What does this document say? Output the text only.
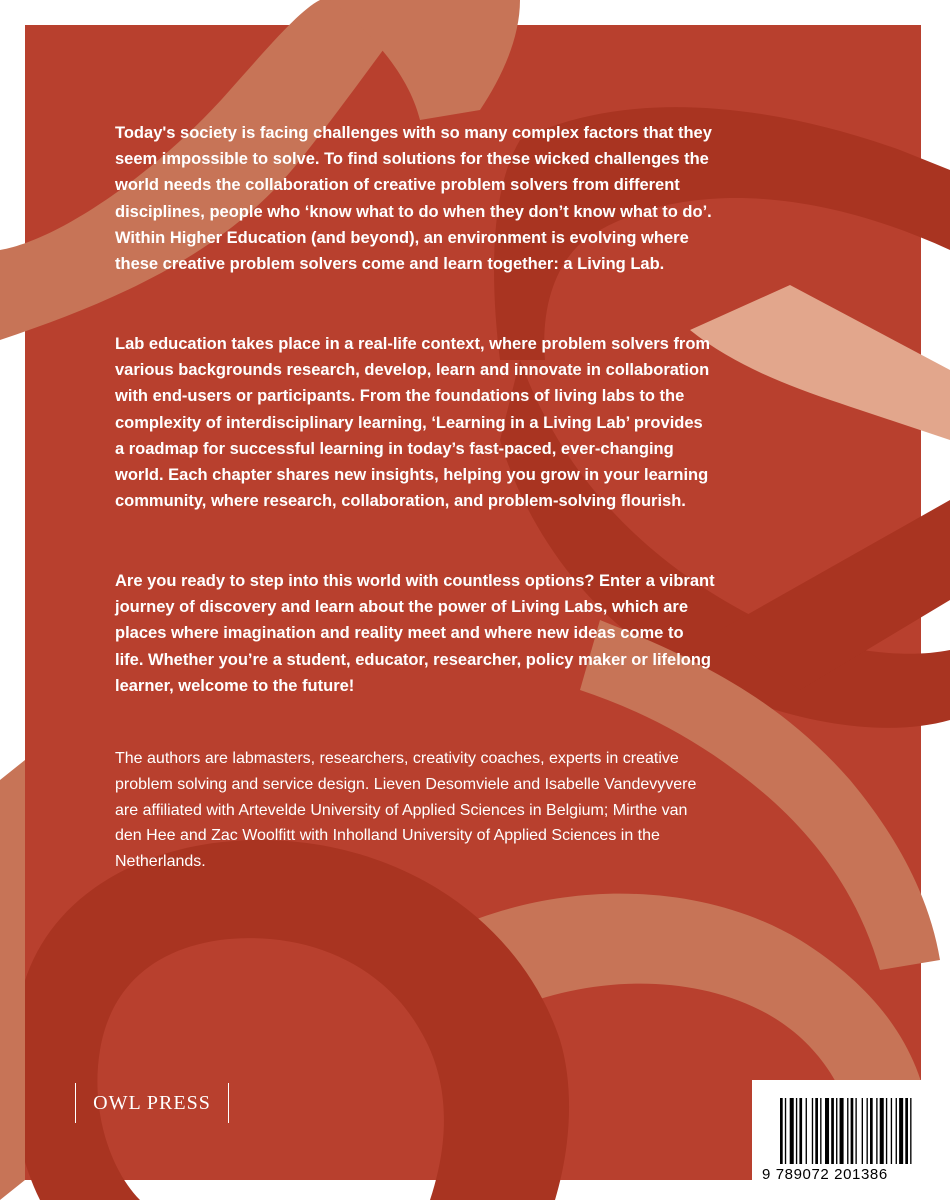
Today's society is facing challenges with so many complex factors that they seem impossible to solve. To find solutions for these wicked challenges the world needs the collaboration of creative problem solvers from different disciplines, people who ‘know what to do when they don’t know what to do’. Within Higher Education (and beyond), an environment is evolving where these creative problem solvers come and learn together: a Living Lab.

Lab education takes place in a real-life context, where problem solvers from various backgrounds research, develop, learn and innovate in collaboration with end-users or participants. From the foundations of living labs to the complexity of interdisciplinary learning, ‘Learning in a Living Lab’ provides a roadmap for successful learning in today’s fast-paced, ever-changing world. Each chapter shares new insights, helping you grow in your learning community, where research, collaboration, and problem-solving flourish.

Are you ready to step into this world with countless options? Enter a vibrant journey of discovery and learn about the power of Living Labs, which are places where imagination and reality meet and where new ideas come to life. Whether you’re a student, educator, researcher, policy maker or lifelong learner, welcome to the future!

The authors are labmasters, researchers, creativity coaches, experts in creative problem solving and service design. Lieven Desomviele and Isabelle Vandevyvere are affiliated with Artevelde University of Applied Sciences in Belgium; Mirthe van den Hee and Zac Woolfitt with Inholland University of Applied Sciences in the Netherlands.

OWL PRESS
9 789072 201386
